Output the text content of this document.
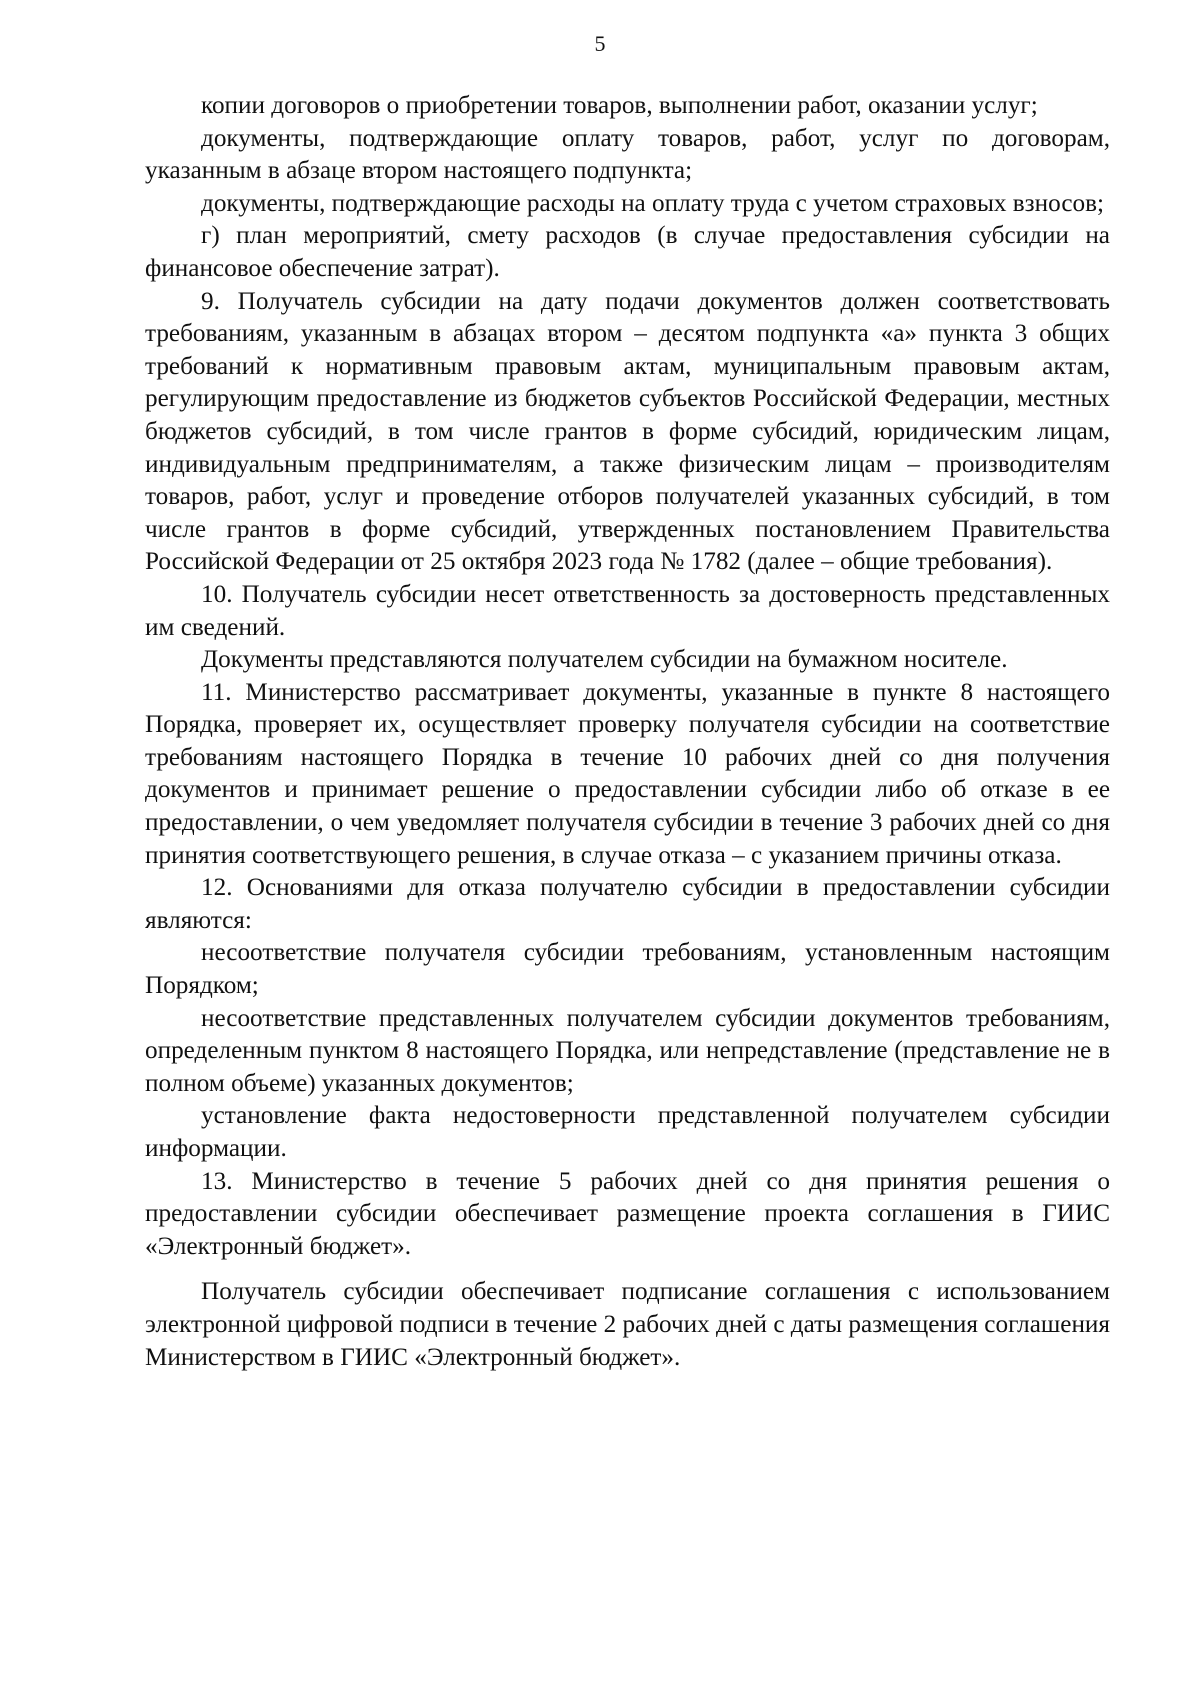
5

копии договоров о приобретении товаров, выполнении работ, оказании услуг;

документы, подтверждающие оплату товаров, работ, услуг по договорам, указанным в абзаце втором настоящего подпункта;

документы, подтверждающие расходы на оплату труда с учетом страховых взносов;

г) план мероприятий, смету расходов (в случае предоставления субсидии на финансовое обеспечение затрат).

9. Получатель субсидии на дату подачи документов должен соответствовать требованиям, указанным в абзацах втором – десятом подпункта «а» пункта 3 общих требований к нормативным правовым актам, муниципальным правовым актам, регулирующим предоставление из бюджетов субъектов Российской Федерации, местных бюджетов субсидий, в том числе грантов в форме субсидий, юридическим лицам, индивидуальным предпринимателям, а также физическим лицам – производителям товаров, работ, услуг и проведение отборов получателей указанных субсидий, в том числе грантов в форме субсидий, утвержденных постановлением Правительства Российской Федерации от 25 октября 2023 года № 1782 (далее – общие требования).

10. Получатель субсидии несет ответственность за достоверность представленных им сведений.

Документы представляются получателем субсидии на бумажном носителе.

11. Министерство рассматривает документы, указанные в пункте 8 настоящего Порядка, проверяет их, осуществляет проверку получателя субсидии на соответствие требованиям настоящего Порядка в течение 10 рабочих дней со дня получения документов и принимает решение о предоставлении субсидии либо об отказе в ее предоставлении, о чем уведомляет получателя субсидии в течение 3 рабочих дней со дня принятия соответствующего решения, в случае отказа – с указанием причины отказа.

12. Основаниями для отказа получателю субсидии в предоставлении субсидии являются:

несоответствие получателя субсидии требованиям, установленным настоящим Порядком;

несоответствие представленных получателем субсидии документов требованиям, определенным пунктом 8 настоящего Порядка, или непредставление (представление не в полном объеме) указанных документов;

установление факта недостоверности представленной получателем субсидии информации.

13. Министерство в течение 5 рабочих дней со дня принятия решения о предоставлении субсидии обеспечивает размещение проекта соглашения в ГИИС «Электронный бюджет».

Получатель субсидии обеспечивает подписание соглашения с использованием электронной цифровой подписи в течение 2 рабочих дней с даты размещения соглашения Министерством в ГИИС «Электронный бюджет».
